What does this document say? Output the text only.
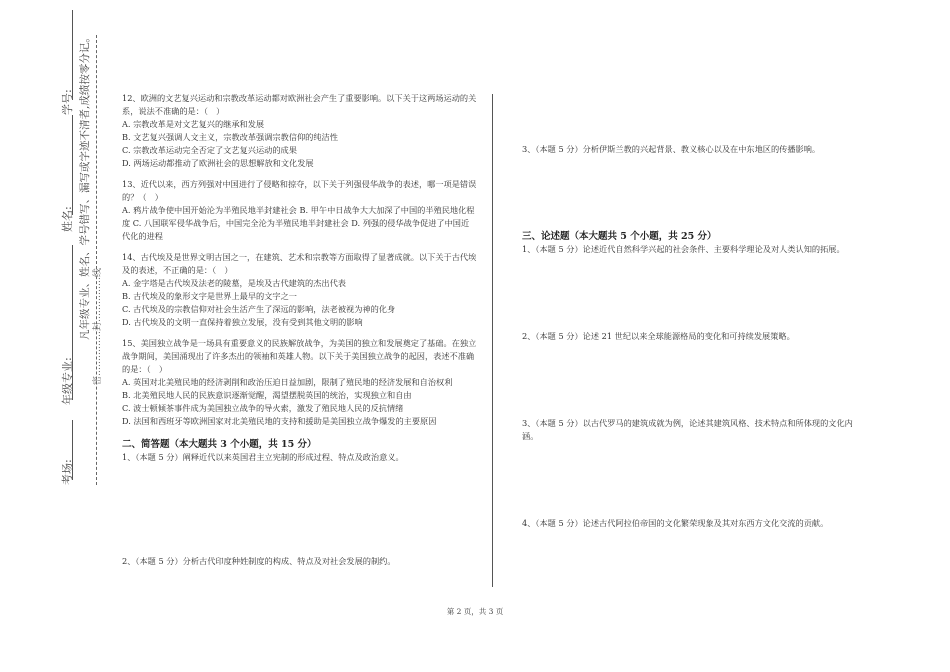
学号:
姓名:
年级专业:
考场:
凡年级专业、姓名、学号错写、漏写或字迹不清者,成绩按零分记。 密……………封……………线

12、欧洲的文艺复兴运动和宗教改革运动都对欧洲社会产生了重要影响。以下关于这两场运动的关系，说法不准确的是：（　）

A. 宗教改革是对文艺复兴的继承和发展

B. 文艺复兴强调人文主义，宗教改革强调宗教信仰的纯洁性

C. 宗教改革运动完全否定了文艺复兴运动的成果

D. 两场运动都推动了欧洲社会的思想解放和文化发展

13、近代以来，西方列强对中国进行了侵略和掠夺，以下关于列强侵华战争的表述，哪一项是错误的？（　）

A. 鸦片战争使中国开始沦为半殖民地半封建社会 B. 甲午中日战争大大加深了中国的半殖民地化程度 C. 八国联军侵华战争后，中国完全沦为半殖民地半封建社会 D. 列强的侵华战争促进了中国近代化的进程

14、古代埃及是世界文明古国之一，在建筑、艺术和宗教等方面取得了显著成就。以下关于古代埃及的表述，不正确的是：（　）

A. 金字塔是古代埃及法老的陵墓，是埃及古代建筑的杰出代表

B. 古代埃及的象形文字是世界上最早的文字之一

C. 古代埃及的宗教信仰对社会生活产生了深远的影响，法老被视为神的化身

D. 古代埃及的文明一直保持着独立发展，没有受到其他文明的影响

15、美国独立战争是一场具有重要意义的民族解放战争，为美国的独立和发展奠定了基础。在独立战争期间，美国涌现出了许多杰出的领袖和英雄人物。以下关于美国独立战争的起因，表述不准确的是：（　）

A. 英国对北美殖民地的经济剥削和政治压迫日益加剧，限制了殖民地的经济发展和自治权利

B. 北美殖民地人民的民族意识逐渐觉醒，渴望摆脱英国的统治，实现独立和自由

C. 波士顿倾茶事件成为美国独立战争的导火索，激发了殖民地人民的反抗情绪

D. 法国和西班牙等欧洲国家对北美殖民地的支持和援助是美国独立战争爆发的主要原因

二、简答题（本大题共 3 个小题，共 15 分）

1、（本题 5 分）阐释近代以来英国君主立宪制的形成过程、特点及政治意义。

2、（本题 5 分）分析古代印度种姓制度的构成、特点及对社会发展的制约。

3、（本题 5 分）分析伊斯兰教的兴起背景、教义核心以及在中东地区的传播影响。

三、论述题（本大题共 5 个小题，共 25 分）

1、（本题 5 分）论述近代自然科学兴起的社会条件、主要科学理论及对人类认知的拓展。

2、（本题 5 分）论述 21 世纪以来全球能源格局的变化和可持续发展策略。

3、（本题 5 分）以古代罗马的建筑成就为例，论述其建筑风格、技术特点和所体现的文化内涵。

4、（本题 5 分）论述古代阿拉伯帝国的文化繁荣现象及其对东西方文化交流的贡献。

第 2 页，共 3 页
